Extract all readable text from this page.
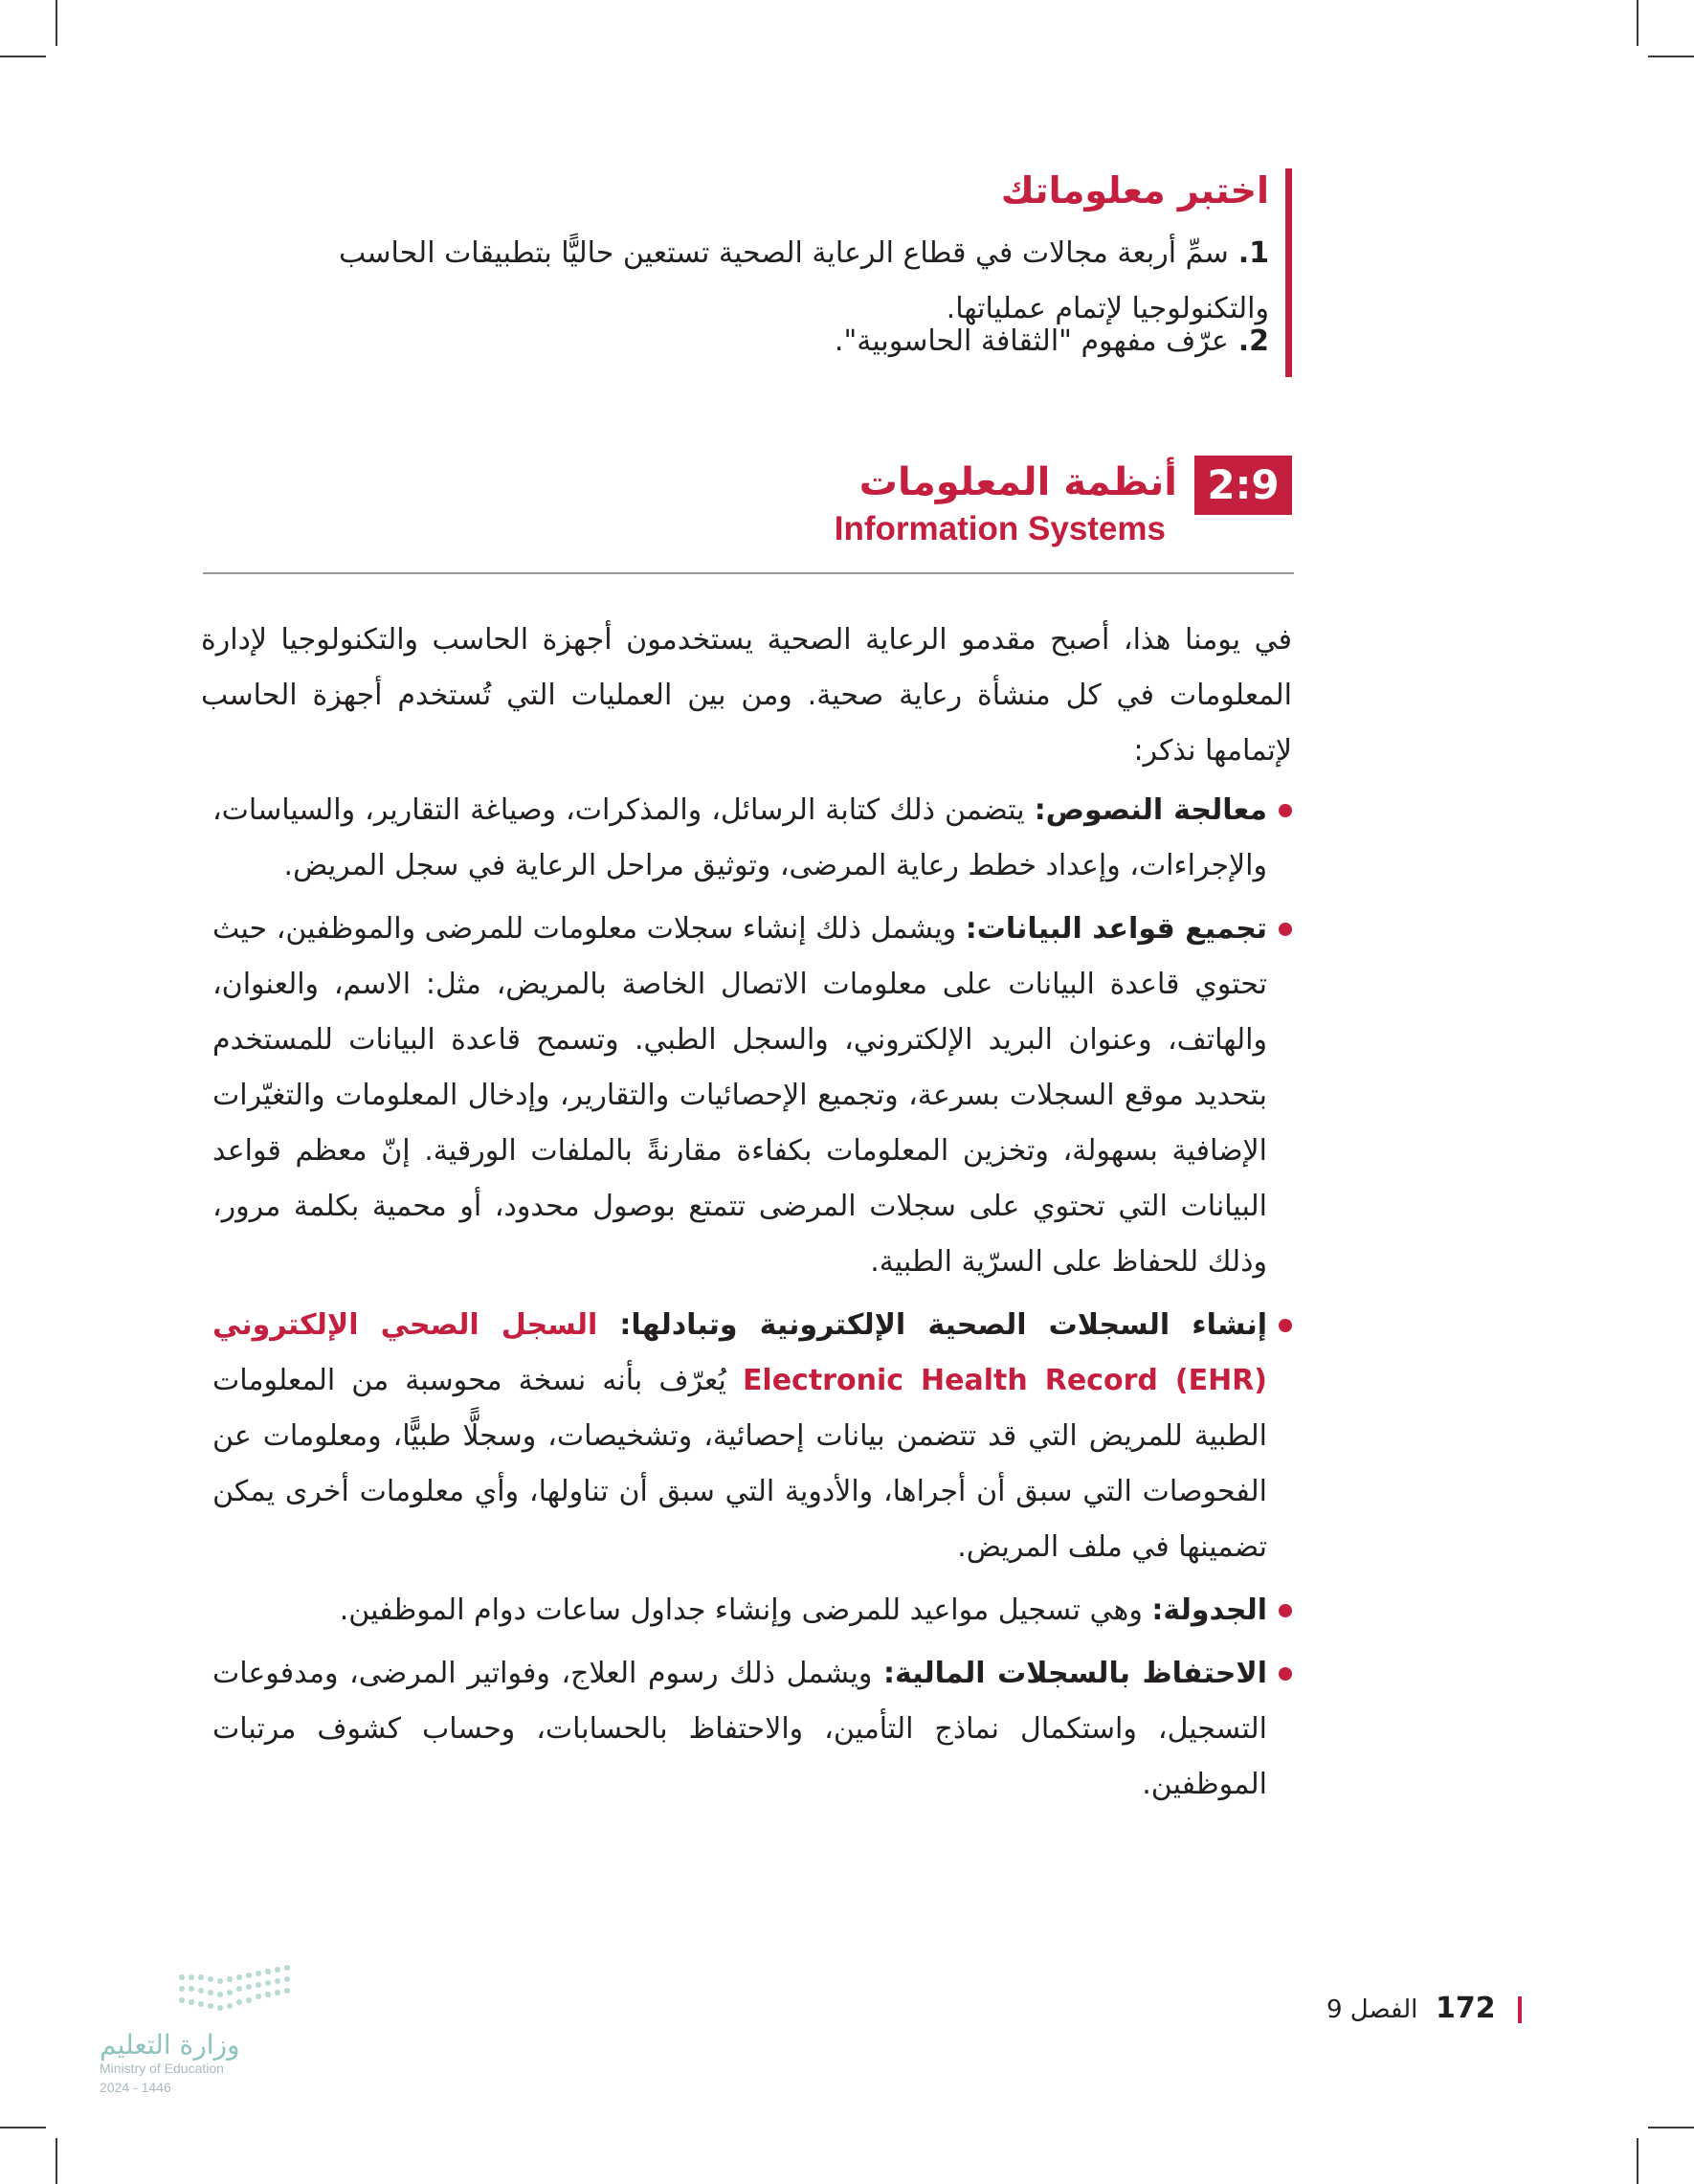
اختبر معلوماتك
1.سمِّ أربعة مجالات في قطاع الرعاية الصحية تستعين حاليًّا بتطبيقات الحاسب والتكنولوجيا لإتمام عملياتها.
2.عرّف مفهوم "الثقافة الحاسوبية".
2:9
أنظمة المعلومات
Information Systems
في يومنا هذا، أصبح مقدمو الرعاية الصحية يستخدمون أجهزة الحاسب والتكنولوجيا لإدارة المعلومات في كل منشأة رعاية صحية. ومن بين العمليات التي تُستخدم أجهزة الحاسب لإتمامها نذكر:
معالجة النصوص: يتضمن ذلك كتابة الرسائل، والمذكرات، وصياغة التقارير، والسياسات، والإجراءات، وإعداد خطط رعاية المرضى، وتوثيق مراحل الرعاية في سجل المريض.
تجميع قواعد البيانات: ويشمل ذلك إنشاء سجلات معلومات للمرضى والموظفين، حيث تحتوي قاعدة البيانات على معلومات الاتصال الخاصة بالمريض، مثل: الاسم، والعنوان، والهاتف، وعنوان البريد الإلكتروني، والسجل الطبي. وتسمح قاعدة البيانات للمستخدم بتحديد موقع السجلات بسرعة، وتجميع الإحصائيات والتقارير، وإدخال المعلومات والتغيّرات الإضافية بسهولة، وتخزين المعلومات بكفاءة مقارنةً بالملفات الورقية. إنّ معظم قواعد البيانات التي تحتوي على سجلات المرضى تتمتع بوصول محدود، أو محمية بكلمة مرور، وذلك للحفاظ على السرّية الطبية.
إنشاء السجلات الصحية الإلكترونية وتبادلها: السجل الصحي الإلكتروني Electronic Health Record (EHR) يُعرّف بأنه نسخة محوسبة من المعلومات الطبية للمريض التي قد تتضمن بيانات إحصائية، وتشخيصات، وسجلًّا طبيًّا، ومعلومات عن الفحوصات التي سبق أن أجراها، والأدوية التي سبق أن تناولها، وأي معلومات أخرى يمكن تضمينها في ملف المريض.
الجدولة: وهي تسجيل مواعيد للمرضى وإنشاء جداول ساعات دوام الموظفين.
الاحتفاظ بالسجلات المالية: ويشمل ذلك رسوم العلاج، وفواتير المرضى، ومدفوعات التسجيل، واستكمال نماذج التأمين، والاحتفاظ بالحسابات، وحساب كشوف مرتبات الموظفين.
172
الفصل 9
وزارة التعليم
Ministry of Education
2024 - 1446
